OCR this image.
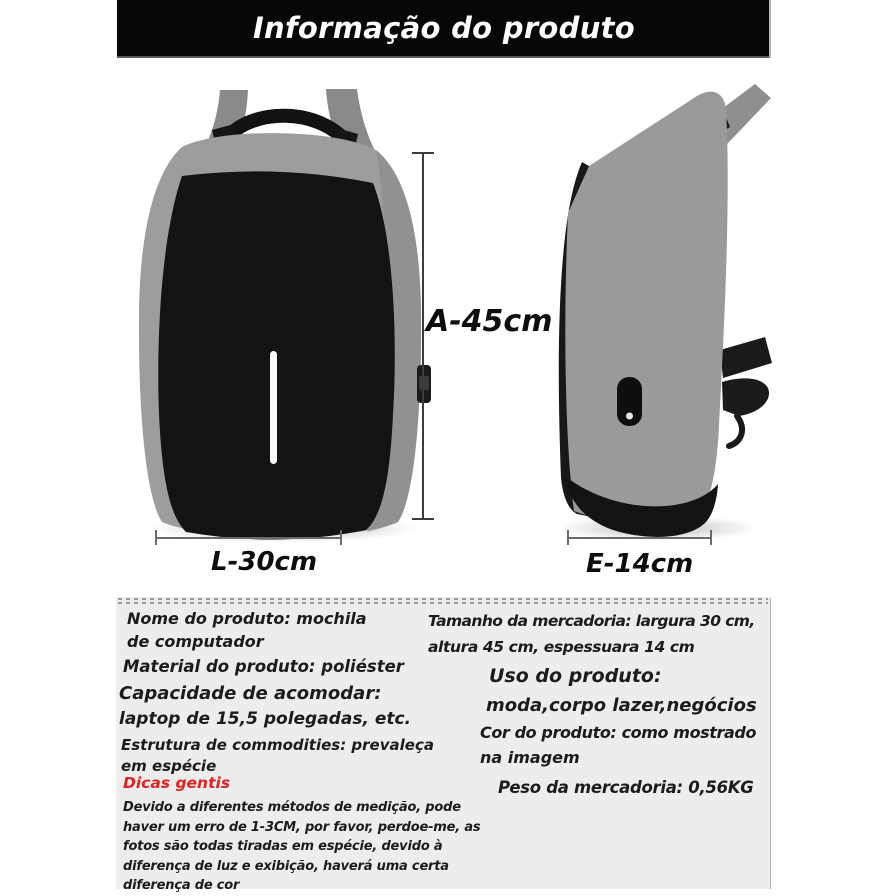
Informação do produto
A-45cm
L-30cm	E-14cm
Nome do produto: mochila
de computador
Material do produto: poliéster
Capacidade de acomodar:
laptop de 15,5 polegadas, etc.
Estrutura de commodities: prevaleça
em espécie
Dicas gentis
Devido a diferentes métodos de medição, pode
haver um erro de 1-3CM, por favor, perdoe-me, as
fotos são todas tiradas em espécie, devido à
diferença de luz e exibição, haverá uma certa
diferença de cor
Tamanho da mercadoria: largura 30 cm,
altura 45 cm, espessuara 14 cm
Uso do produto:
moda,corpo lazer,negócios
Cor do produto: como mostrado
na imagem
Peso da mercadoria: 0,56KG
